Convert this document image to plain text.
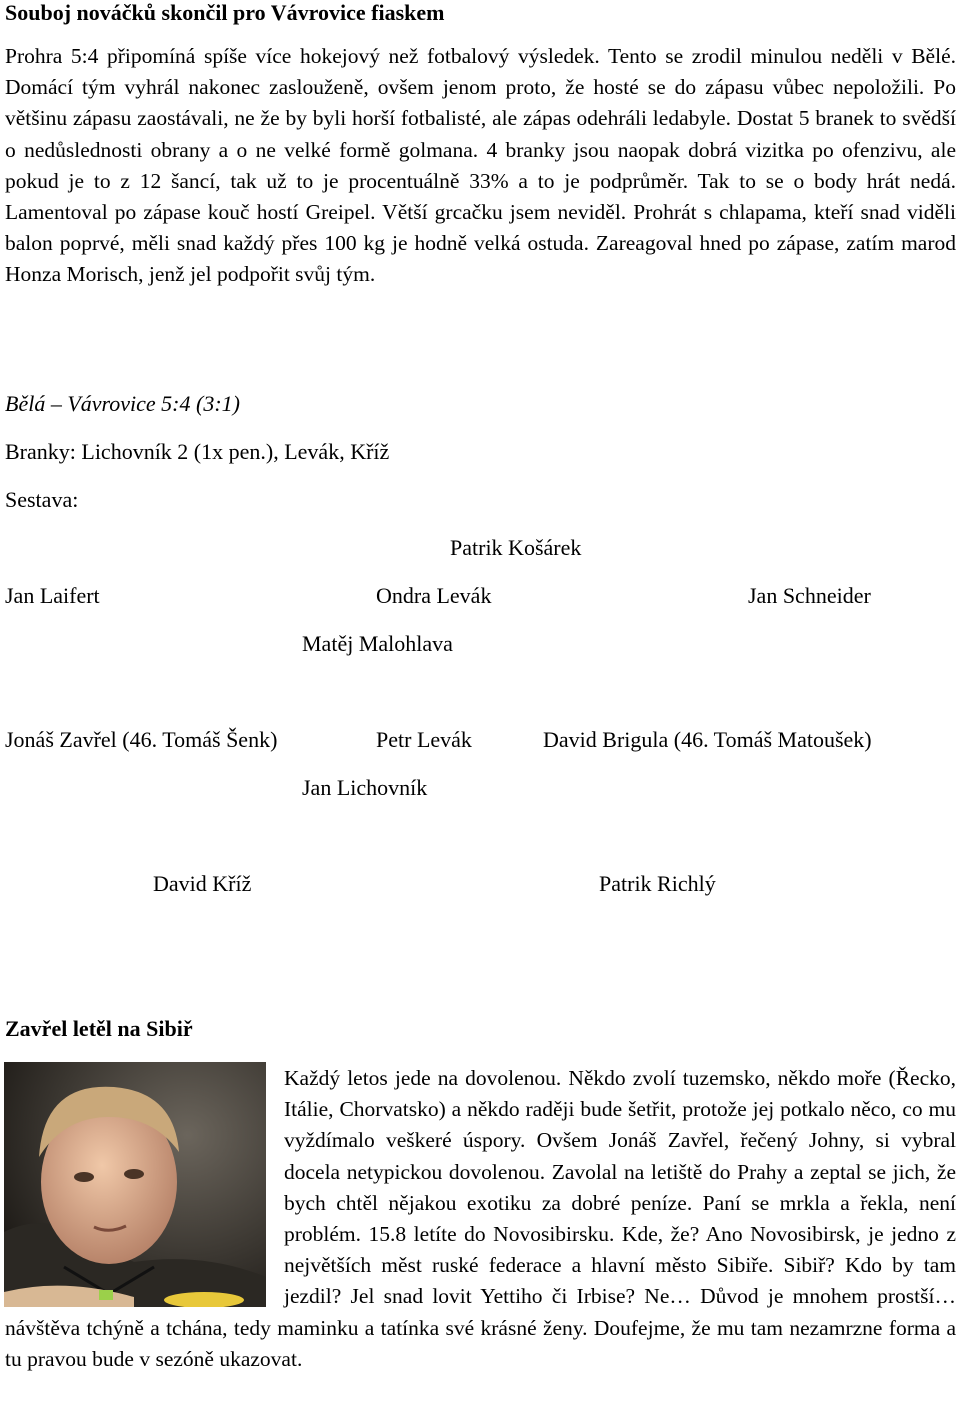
Souboj nováčků skončil pro Vávrovice fiaskem

Prohra 5:4 připomíná spíše více hokejový než fotbalový výsledek. Tento se zrodil minulou neděli v Bělé. Domácí tým vyhrál nakonec zaslouženě, ovšem jenom proto, že hosté se do zápasu vůbec nepoložili. Po většinu zápasu zaostávali, ne že by byli horší fotbalisté, ale zápas odehráli ledabyle. Dostat 5 branek to svědší o nedůslednosti obrany a o ne velké formě golmana. 4 branky jsou naopak dobrá vizitka po ofenzivu, ale pokud je to z 12 šancí, tak už to je procentuálně 33% a to je podprůměr. Tak to se o body hrát nedá. Lamentoval po zápase kouč hostí Greipel. Větší grcačku jsem neviděl. Prohrát s chlapama, kteří snad viděli balon poprvé, měli snad každý přes 100 kg je hodně velká ostuda. Zareagoval hned po zápase, zatím marod Honza Morisch, jenž jel podpořit svůj tým.

Bělá – Vávrovice 5:4 (3:1)
Branky: Lichovník 2 (1x pen.), Levák, Kříž
Sestava:
Patrik Košárek
Jan Laifert	Ondra Levák	Jan Schneider
Matěj Malohlava
Jonáš Zavřel (46. Tomáš Šenk)	Petr Levák	David Brigula (46. Tomáš Matoušek)
Jan Lichovník
David Kříž	Patrik Richlý
Zavřel letěl na Sibiř

Každý letos jede na dovolenou. Někdo zvolí tuzemsko, někdo moře (Řecko, Itálie, Chorvatsko) a někdo raději bude šetřit, protože jej potkalo něco, co mu vyždímalo veškeré úspory. Ovšem Jonáš Zavřel, řečený Johny, si vybral docela netypickou dovolenou. Zavolal na letiště do Prahy a zeptal se jich, že bych chtěl nějakou exotiku za dobré peníze. Paní se mrkla a řekla, není problém. 15.8 letíte do Novosibirsku. Kde, že? Ano Novosibirsk, je jedno z největších měst ruské federace a hlavní město Sibiře. Sibiř? Kdo by tam jezdil? Jel snad lovit Yettiho či Irbise? Ne… Důvod je mnohem prostší…návštěva tchýně a tchána, tedy maminku a tatínka své krásné ženy. Doufejme, že mu tam nezamrzne forma a tu pravou bude v sezóně ukazovat.
